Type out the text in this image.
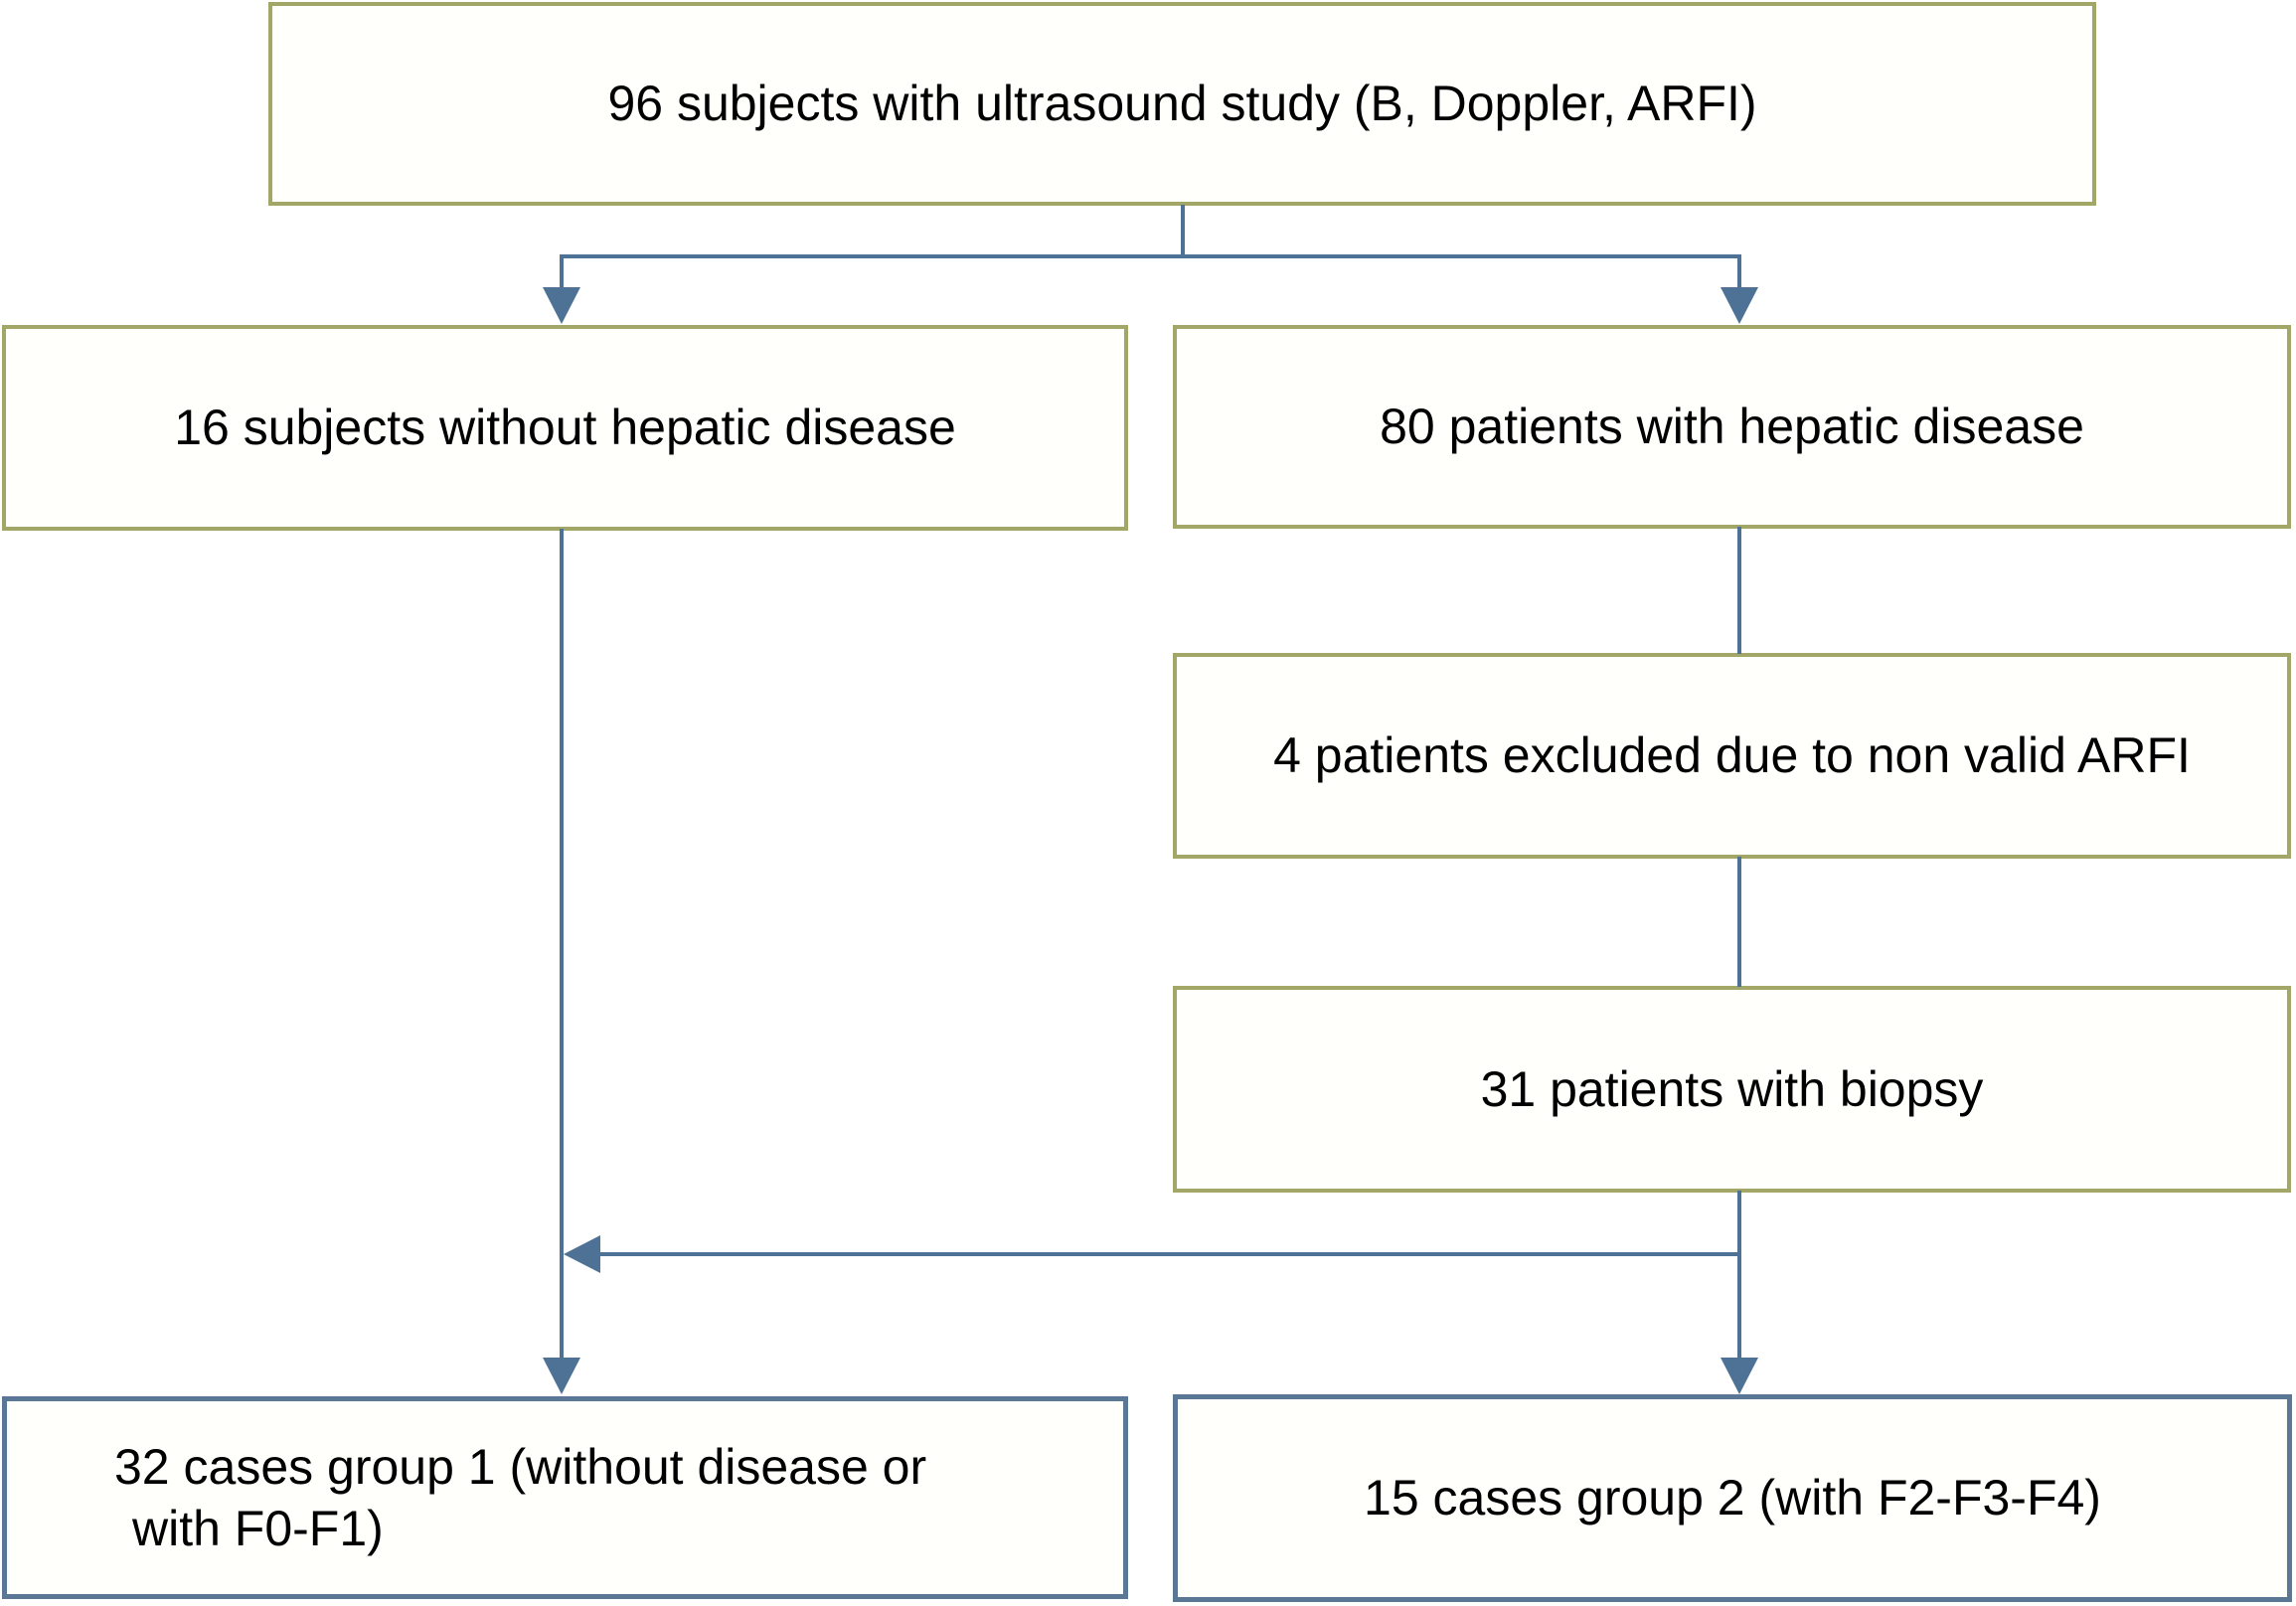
96 subjects with ultrasound study (B, Doppler, ARFI)
16 subjects without hepatic disease	80 patients with hepatic disease
4 patients excluded due to non valid ARFI
31 patients with biopsy
32 cases group 1 (without disease or
with F0-F1)
15 cases group 2 (with F2-F3-F4)
